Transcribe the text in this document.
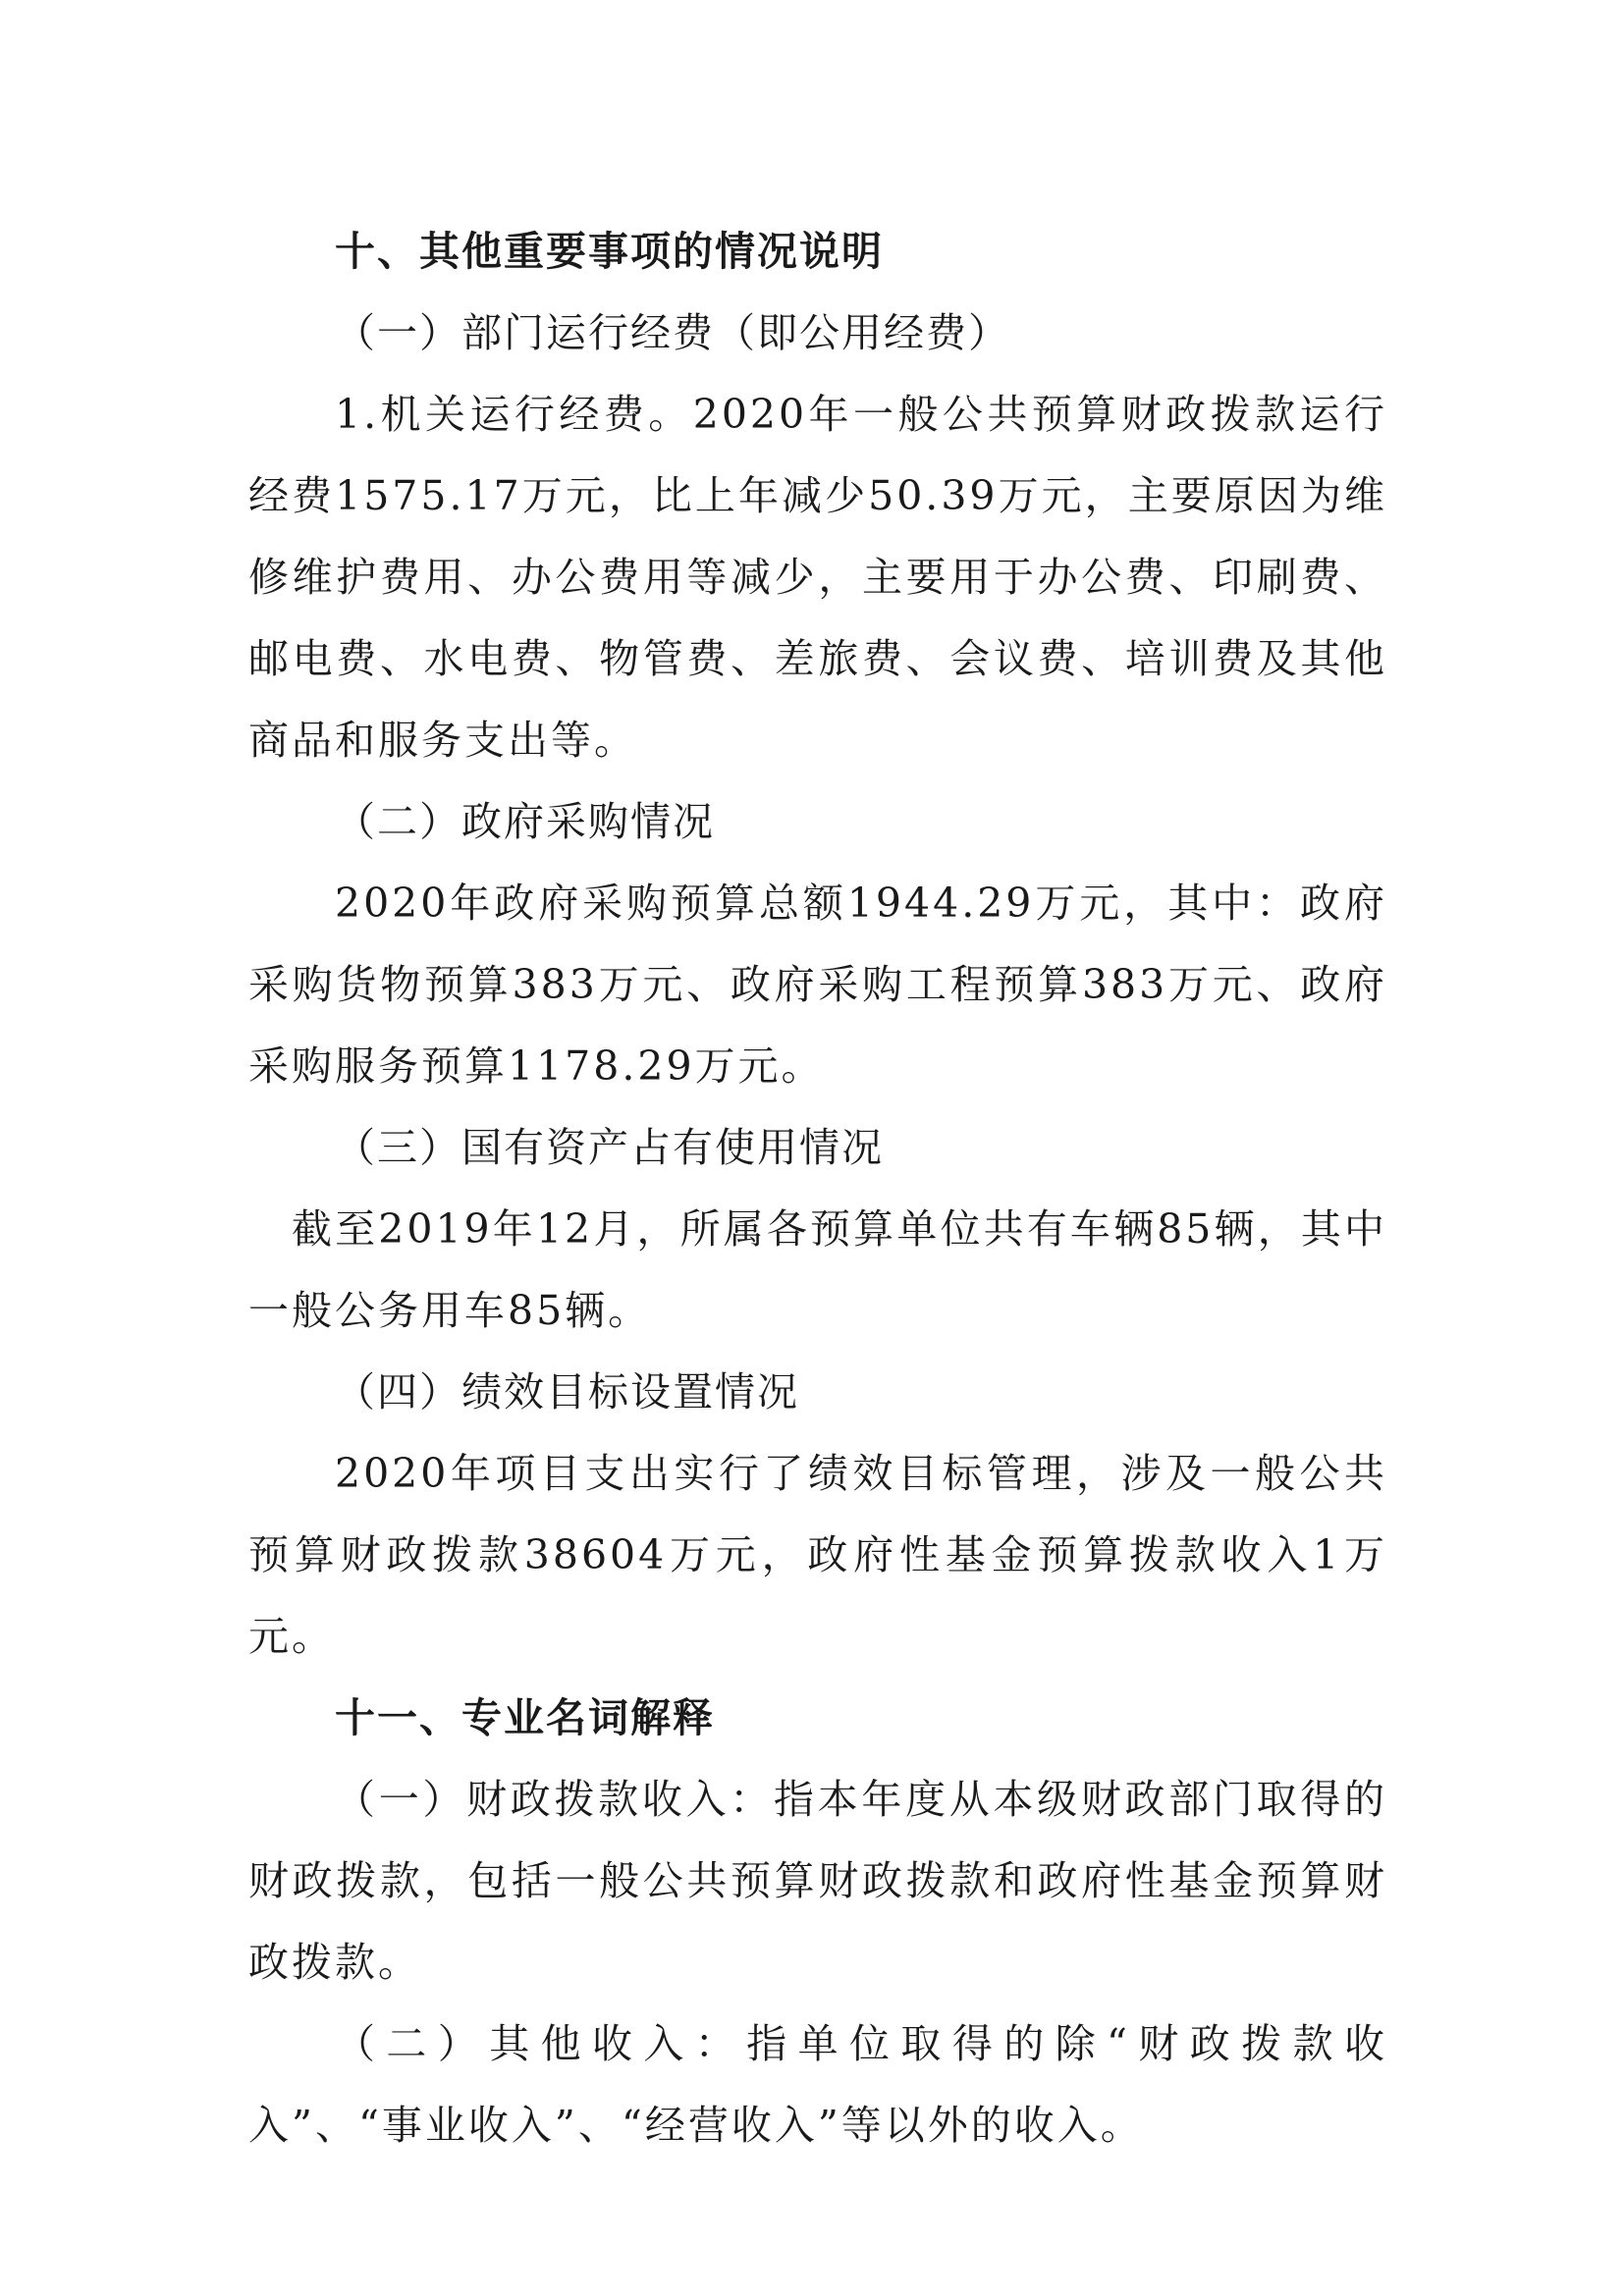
十、其他重要事项的情况说明

（一）部门运行经费（即公用经费）

1.机关运行经费。2020年一般公共预算财政拨款运行经费1575.17万元，比上年减少50.39万元，主要原因为维修维护费用、办公费用等减少，主要用于办公费、印刷费、邮电费、水电费、物管费、差旅费、会议费、培训费及其他商品和服务支出等。

（二）政府采购情况

2020年政府采购预算总额1944.29万元，其中：政府采购货物预算383万元、政府采购工程预算383万元、政府采购服务预算1178.29万元。

（三）国有资产占有使用情况

截至2019年12月，所属各预算单位共有车辆85辆，其中一般公务用车85辆。

（四）绩效目标设置情况

2020年项目支出实行了绩效目标管理，涉及一般公共预算财政拨款38604万元，政府性基金预算拨款收入1万元。

十一、专业名词解释

（一）财政拨款收入：指本年度从本级财政部门取得的财政拨款，包括一般公共预算财政拨款和政府性基金预算财政拨款。

（二）其他收入：指单位取得的除“财政拨款收入”、“事业收入”、“经营收入”等以外的收入。
